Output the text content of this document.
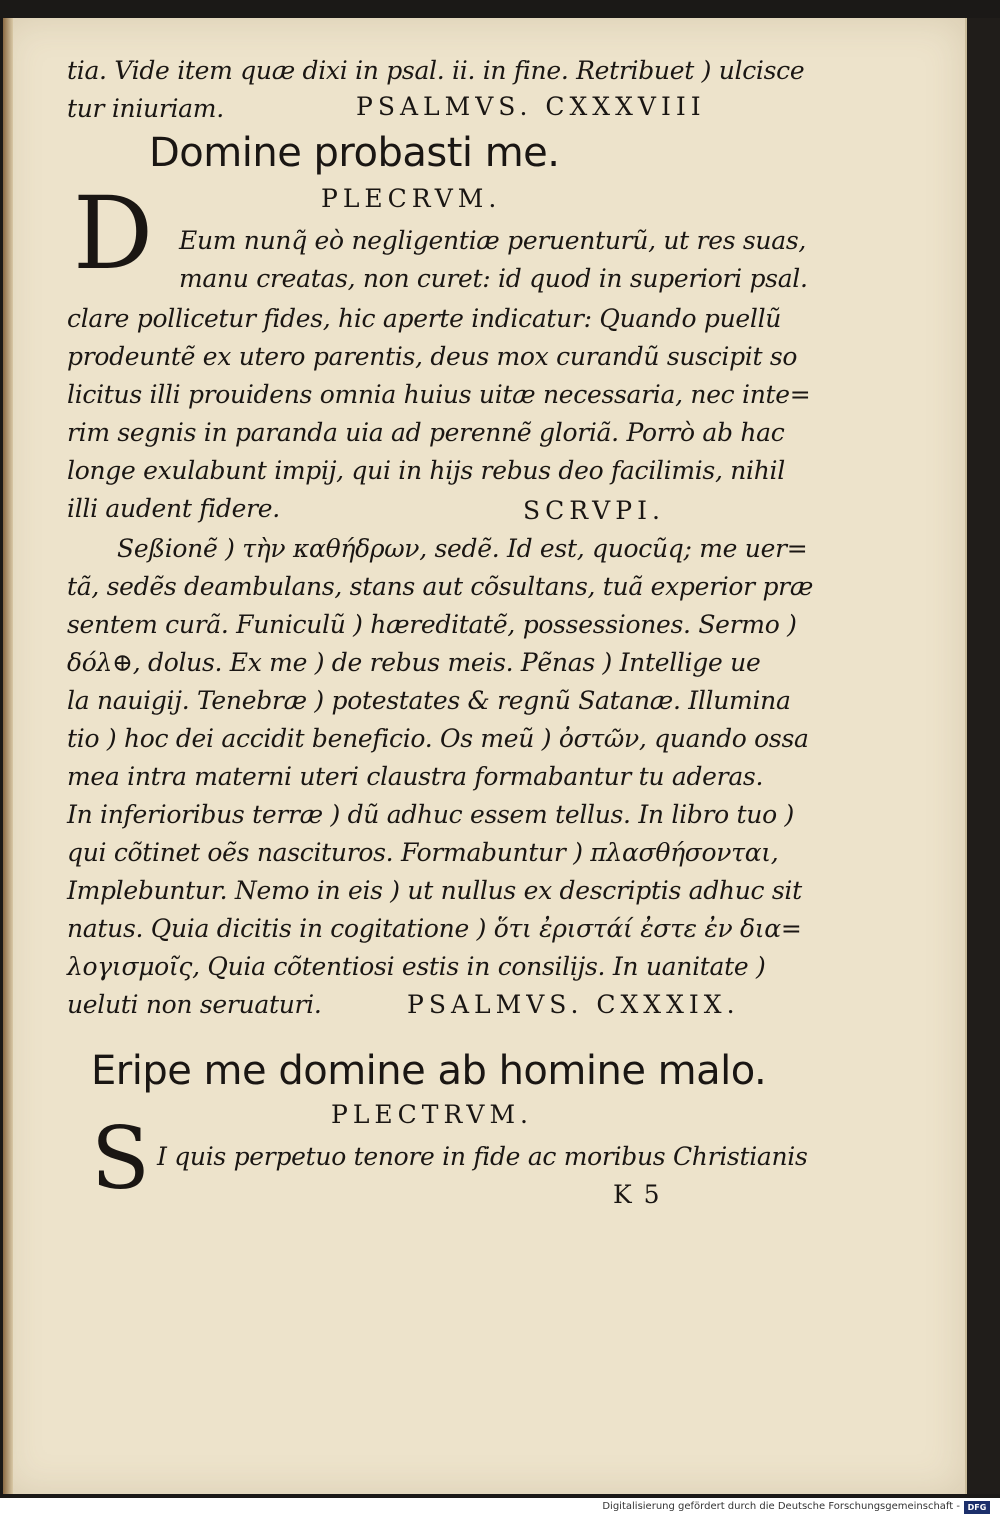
tia. Vide item quæ dixi in psal. ii. in fine. Retribuet ) ulcisce
tur iniuriam.	PSALMVS. CXXXVIII
Domine probasti me.
PLECRVM.
D Eum nunq̃ eò negligentiæ peruenturũ, ut res suas,
manu creatas, non curet: id quod in superiori psal.
clare pollicetur fides, hic aperte indicatur: Quando puellũ
prodeuntẽ ex utero parentis, deus mox curandũ suscipit so
licitus illi prouidens omnia huius uitæ necessaria, nec inte=
rim segnis in paranda uia ad perennẽ gloriã. Porrò ab hac
longe exulabunt impij, qui in hijs rebus deo facilimis, nihil
illi audent fidere.	SCRVPI.
Seßionẽ ) τὴν καθήδρων, sedẽ. Id est, quocũq; me uer=
tã, sedẽs deambulans, stans aut cõsultans, tuã experior præ
sentem curã. Funiculũ ) hæreditatẽ, possessiones. Sermo )
δόλ⊕, dolus. Ex me ) de rebus meis. Pẽnas ) Intellige ue
la nauigij. Tenebræ ) potestates & regnũ Satanæ. Illumina
tio ) hoc dei accidit beneficio. Os meũ ) ὀστῶν, quando ossa
mea intra materni uteri claustra formabantur tu aderas.
In inferioribus terræ ) dũ adhuc essem tellus. In libro tuo )
qui cõtinet oẽs nascituros. Formabuntur ) πλασθήσονται,
Implebuntur. Nemo in eis ) ut nullus ex descriptis adhuc sit
natus. Quia dicitis in cogitatione ) ὅτι ἐριστάί ἐστε ἐν δια=
λογισμοῖς, Quia cõtentiosi estis in consilijs. In uanitate )
ueluti non seruaturi.	PSALMVS. CXXXIX.
Eripe me domine ab homine malo.
PLECTRVM.
S I quis perpetuo tenore in fide ac moribus Christianis
K 5
Digitalisierung gefördert durch die Deutsche Forschungsgemeinschaft - DFG
